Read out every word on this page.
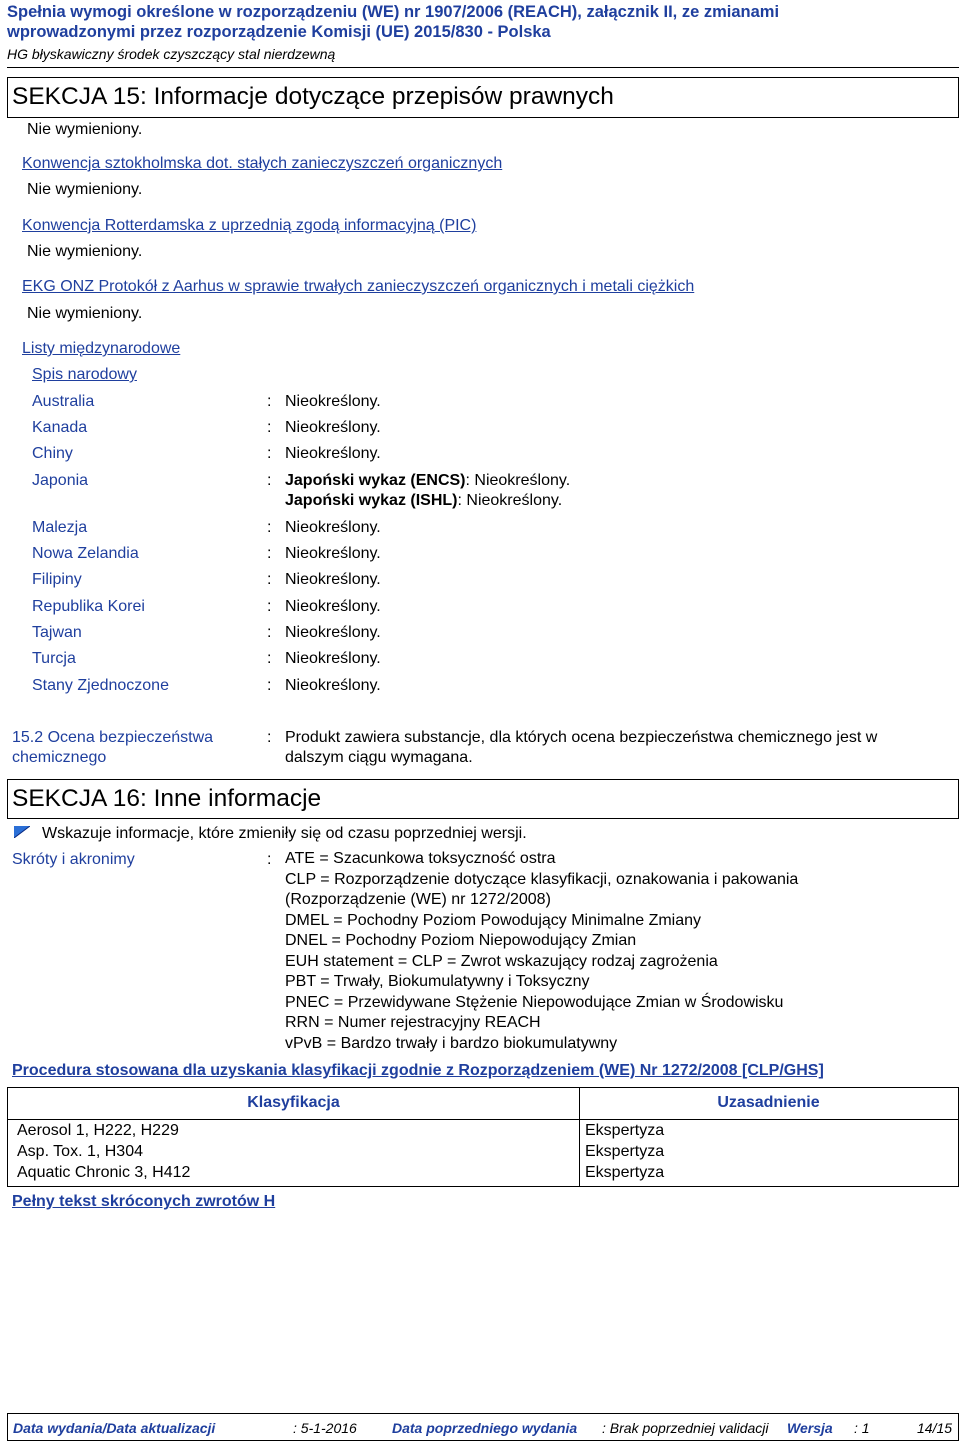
Spełnia wymogi określone w rozporządzeniu (WE) nr 1907/2006 (REACH), załącznik II, ze zmianami
wprowadzonymi przez rozporządzenie Komisji (UE) 2015/830 - Polska
HG błyskawiczny środek czyszczący stal nierdzewną
SEKCJA 15: Informacje dotyczące przepisów prawnych
Nie wymieniony.
Konwencja sztokholmska dot. stałych zanieczyszczeń organicznych
Nie wymieniony.
Konwencja Rotterdamska z uprzednią zgodą informacyjną (PIC)
Nie wymieniony.
EKG ONZ Protokół z Aarhus w sprawie trwałych zanieczyszczeń organicznych i metali ciężkich
Nie wymieniony.
Listy międzynarodowe
Spis narodowy
Australia	: Nieokreślony.
Kanada	: Nieokreślony.
Chiny	: Nieokreślony.
Japonia	: Japoński wykaz (ENCS): Nieokreślony.
Japoński wykaz (ISHL): Nieokreślony.
Malezja	: Nieokreślony.
Nowa Zelandia	: Nieokreślony.
Filipiny	: Nieokreślony.
Republika Korei	: Nieokreślony.
Tajwan	: Nieokreślony.
Turcja	: Nieokreślony.
Stany Zjednoczone	: Nieokreślony.
15.2 Ocena bezpieczeństwa
chemicznego
: Produkt zawiera substancje, dla których ocena bezpieczeństwa chemicznego jest w
dalszym ciągu wymagana.
SEKCJA 16: Inne informacje
Wskazuje informacje, które zmieniły się od czasu poprzedniej wersji.
Skróty i akronimy	: ATE = Szacunkowa toksyczność ostra
CLP = Rozporządzenie dotyczące klasyfikacji, oznakowania i pakowania
(Rozporządzenie (WE) nr 1272/2008)
DMEL = Pochodny Poziom Powodujący Minimalne Zmiany
DNEL = Pochodny Poziom Niepowodujący Zmian
EUH statement = CLP = Zwrot wskazujący rodzaj zagrożenia
PBT = Trwały, Biokumulatywny i Toksyczny
PNEC = Przewidywane Stężenie Niepowodujące Zmian w Środowisku
RRN = Numer rejestracyjny REACH
vPvB = Bardzo trwały i bardzo biokumulatywny
Procedura stosowana dla uzyskania klasyfikacji zgodnie z Rozporządzeniem (WE) Nr 1272/2008 [CLP/GHS]
Klasyfikacja	Uzasadnienie
Aerosol 1, H222, H229	Ekspertyza
Asp. Tox. 1, H304	Ekspertyza
Aquatic Chronic 3, H412	Ekspertyza
Pełny tekst skróconych zwrotów H
Data wydania/Data aktualizacji	: 5-1-2016	Data poprzedniego wydania : Brak poprzedniej validacji Wersja : 1	14/15
